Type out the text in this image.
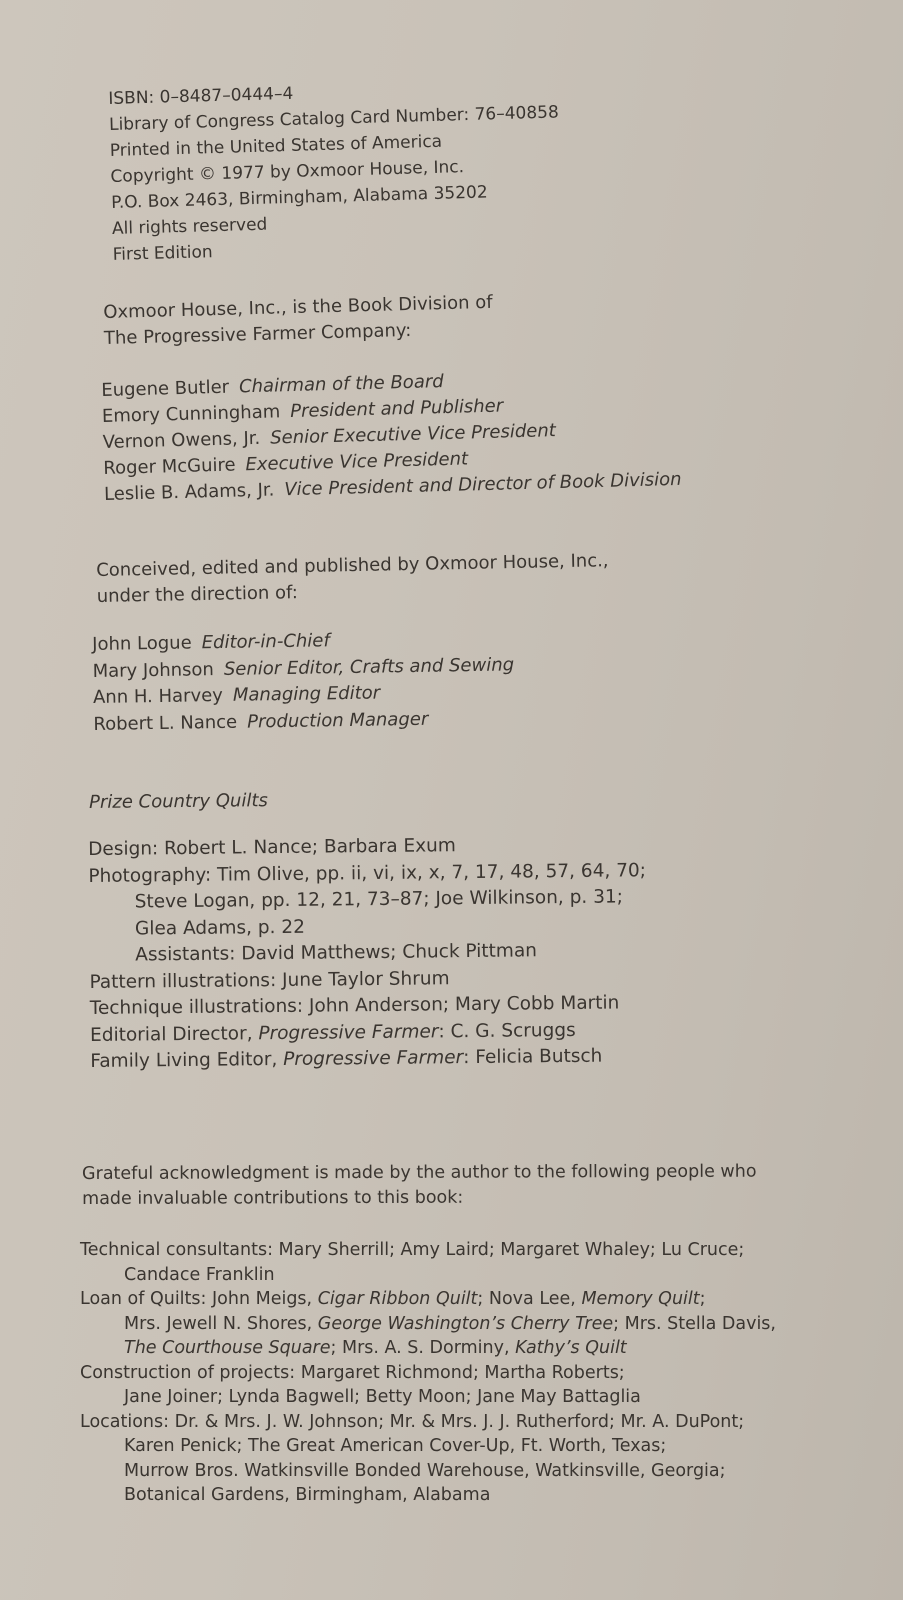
ISBN: 0–8487–0444–4

Library of Congress Catalog Card Number: 76–40858

Printed in the United States of America

Copyright © 1977 by Oxmoor House, Inc.

P.O. Box 2463, Birmingham, Alabama 35202

All rights reserved

First Edition

Oxmoor House, Inc., is the Book Division of

The Progressive Farmer Company:

Eugene Butler Chairman of the Board

Emory Cunningham President and Publisher

Vernon Owens, Jr. Senior Executive Vice President

Roger McGuire Executive Vice President

Leslie B. Adams, Jr. Vice President and Director of Book Division

Conceived, edited and published by Oxmoor House, Inc.,

under the direction of:

John Logue Editor-in-Chief

Mary Johnson Senior Editor, Crafts and Sewing

Ann H. Harvey Managing Editor

Robert L. Nance Production Manager

Prize Country Quilts

Design: Robert L. Nance; Barbara Exum

Photography: Tim Olive, pp. ii, vi, ix, x, 7, 17, 48, 57, 64, 70;

Steve Logan, pp. 12, 21, 73–87; Joe Wilkinson, p. 31;

Glea Adams, p. 22

Assistants: David Matthews; Chuck Pittman

Pattern illustrations: June Taylor Shrum

Technique illustrations: John Anderson; Mary Cobb Martin

Editorial Director, Progressive Farmer: C. G. Scruggs

Family Living Editor, Progressive Farmer: Felicia Butsch

Grateful acknowledgment is made by the author to the following people who

made invaluable contributions to this book:

Technical consultants: Mary Sherrill; Amy Laird; Margaret Whaley; Lu Cruce;

Candace Franklin

Loan of Quilts: John Meigs, Cigar Ribbon Quilt; Nova Lee, Memory Quilt;

Mrs. Jewell N. Shores, George Washington’s Cherry Tree; Mrs. Stella Davis,

The Courthouse Square; Mrs. A. S. Dorminy, Kathy’s Quilt

Construction of projects: Margaret Richmond; Martha Roberts;

Jane Joiner; Lynda Bagwell; Betty Moon; Jane May Battaglia

Locations: Dr. & Mrs. J. W. Johnson; Mr. & Mrs. J. J. Rutherford; Mr. A. DuPont;

Karen Penick; The Great American Cover-Up, Ft. Worth, Texas;

Murrow Bros. Watkinsville Bonded Warehouse, Watkinsville, Georgia;

Botanical Gardens, Birmingham, Alabama
